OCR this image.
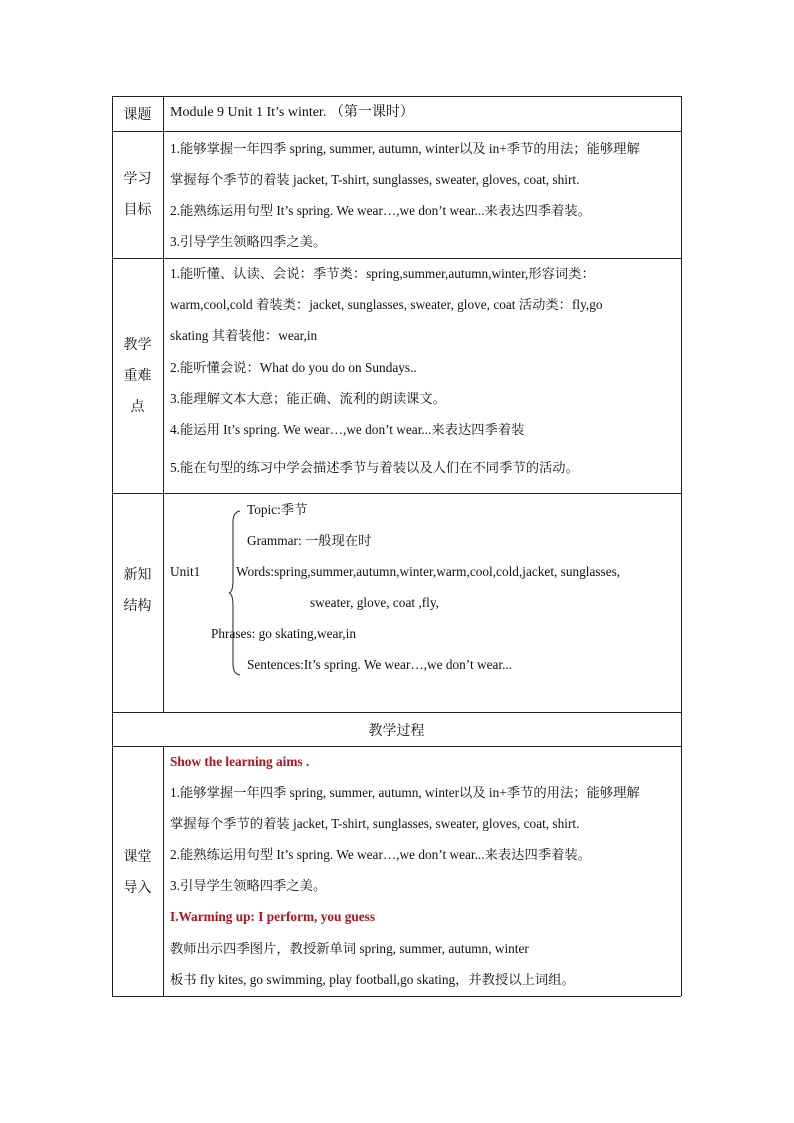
课题	Module 9 Unit 1 It’s winter. （第一课时）
学习
目标
1.能够掌握一年四季 spring, summer, autumn, winter以及 in+季节的用法；能够理解
掌握每个季节的着装 jacket, T-shirt, sunglasses, sweater, gloves, coat, shirt.
2.能熟练运用句型 It’s spring. We wear…,we don’t wear...来表达四季着装。
3.引导学生领略四季之美。
教学
重难
点
1.能听懂、认读、会说：季节类：spring,summer,autumn,winter,形容词类：
warm,cool,cold 着装类：jacket, sunglasses, sweater, glove, coat 活动类：fly,go
skating 其着装他：wear,in
2.能听懂会说：What do you do on Sundays..
3.能理解文本大意；能正确、流利的朗读课文。
4.能运用 It’s spring. We wear…,we don’t wear...来表达四季着装
5.能在句型的练习中学会描述季节与着装以及人们在不同季节的活动。
新知
结构
Unit1
Topic:季节
Grammar: 一般现在时
Words:spring,summer,autumn,winter,warm,cool,cold,jacket, sunglasses,
sweater, glove, coat ,fly,
Phrases: go skating,wear,in
Sentences:It’s spring. We wear…,we don’t wear...
教学过程
课堂
导入
Show the learning aims .
1.能够掌握一年四季 spring, summer, autumn, winter以及 in+季节的用法；能够理解
掌握每个季节的着装 jacket, T-shirt, sunglasses, sweater, gloves, coat, shirt.
2.能熟练运用句型 It’s spring. We wear…,we don’t wear...来表达四季着装。
3.引导学生领略四季之美。
I.Warming up: I perform, you guess
教师出示四季图片，教授新单词 spring, summer, autumn, winter
板书 fly kites, go swimming, play football,go skating，并教授以上词组。
